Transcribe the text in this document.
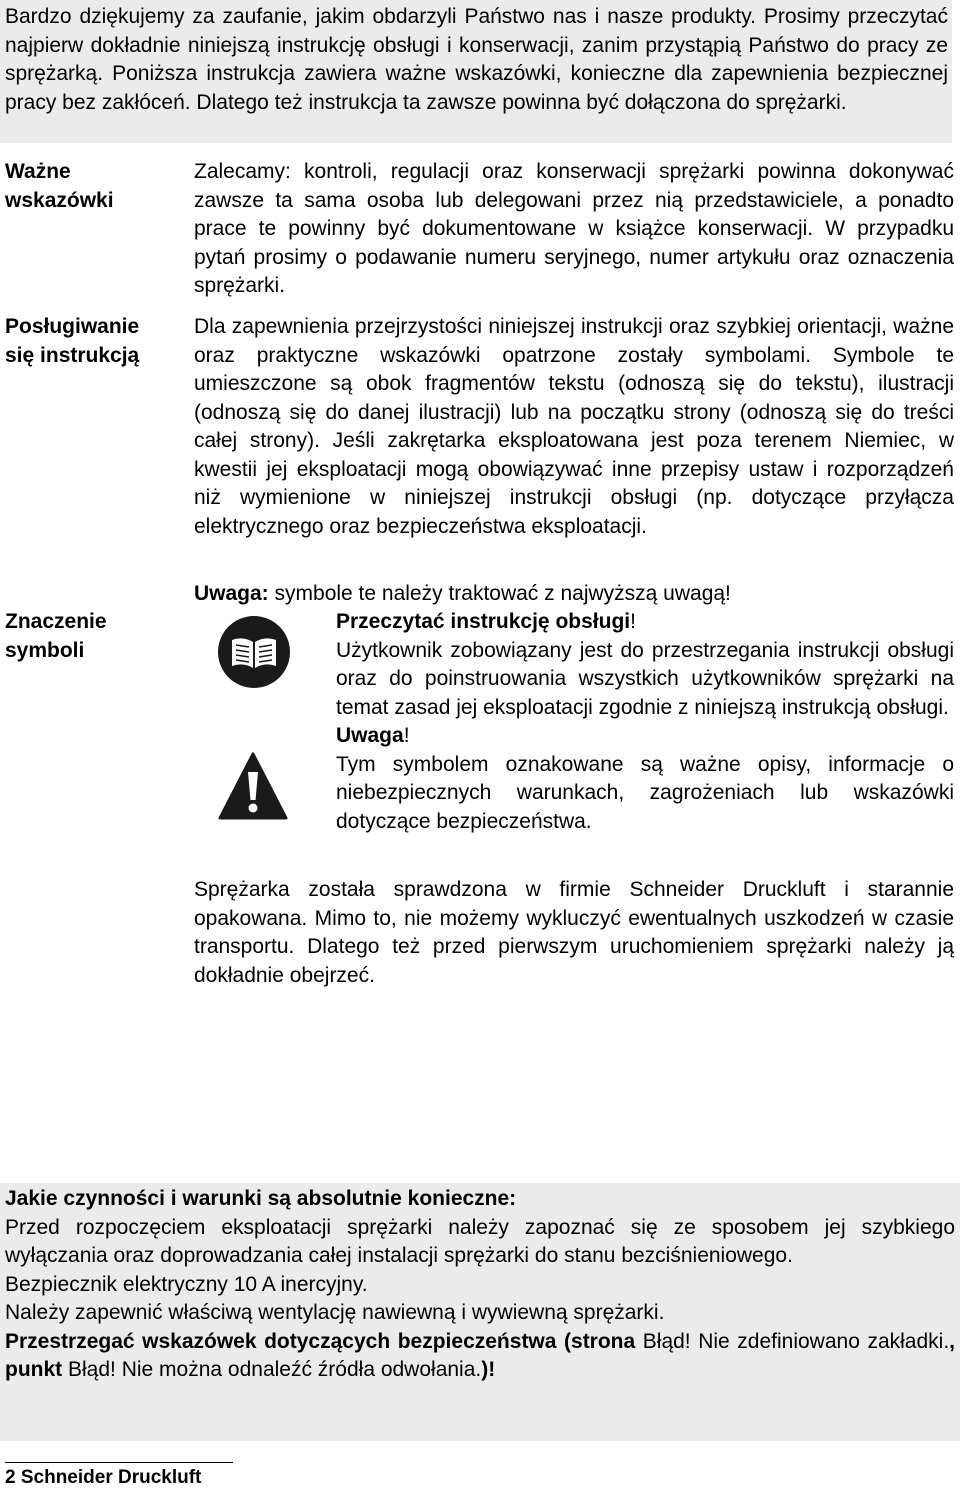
Bardzo dziękujemy za zaufanie, jakim obdarzyli Państwo nas i nasze produkty. Prosimy przeczytać najpierw dokładnie niniejszą instrukcję obsługi i konserwacji, zanim przystąpią Państwo do pracy ze sprężarką. Poniższa instrukcja zawiera ważne wskazówki, konieczne dla zapewnienia bezpiecznej pracy bez zakłóceń. Dlatego też instrukcja ta zawsze powinna być dołączona do sprężarki.

Ważne
wskazówki

Zalecamy: kontroli, regulacji oraz konserwacji sprężarki powinna dokonywać zawsze ta sama osoba lub delegowani przez nią przedstawiciele, a ponadto prace te powinny być dokumentowane w książce konserwacji. W przypadku pytań prosimy o podawanie numeru seryjnego, numer artykułu oraz oznaczenia sprężarki.

Posługiwanie
się instrukcją

Dla zapewnienia przejrzystości niniejszej instrukcji oraz szybkiej orientacji, ważne oraz praktyczne wskazówki opatrzone zostały symbolami. Symbole te umieszczone są obok fragmentów tekstu (odnoszą się do tekstu), ilustracji (odnoszą się do danej ilustracji) lub na początku strony (odnoszą się do treści całej strony). Jeśli zakrętarka eksploatowana jest poza terenem Niemiec, w kwestii jej eksploatacji mogą obowiązywać inne przepisy ustaw i rozporządzeń niż wymienione w niniejszej instrukcji obsługi (np. dotyczące przyłącza elektrycznego oraz bezpieczeństwa eksploatacji.

Znaczenie
symboli
Uwaga: symbole te należy traktować z najwyższą uwagą!
Przeczytać instrukcję obsługi!

Użytkownik zobowiązany jest do przestrzegania instrukcji obsługi oraz do poinstruowania wszystkich użytkowników sprężarki na temat zasad jej eksploatacji zgodnie z niniejszą instrukcją obsługi.

Uwaga!

Tym symbolem oznakowane są ważne opisy, informacje o niebezpiecznych warunkach, zagrożeniach lub wskazówki dotyczące bezpieczeństwa.

Sprężarka została sprawdzona w firmie Schneider Druckluft i starannie opakowana. Mimo to, nie możemy wykluczyć ewentualnych uszkodzeń w czasie transportu. Dlatego też przed pierwszym uruchomieniem sprężarki należy ją dokładnie obejrzeć.

Jakie czynności i warunki są absolutnie konieczne:

Przed rozpoczęciem eksploatacji sprężarki należy zapoznać się ze sposobem jej szybkiego wyłączania oraz doprowadzania całej instalacji sprężarki do stanu bezciśnieniowego.

Bezpiecznik elektryczny 10 A inercyjny.

Należy zapewnić właściwą wentylację nawiewną i wywiewną sprężarki.

Przestrzegać wskazówek dotyczących bezpieczeństwa (strona Błąd! Nie zdefiniowano zakładki., punkt Błąd! Nie można odnaleźć źródła odwołania.)!

2 Schneider Druckluft
